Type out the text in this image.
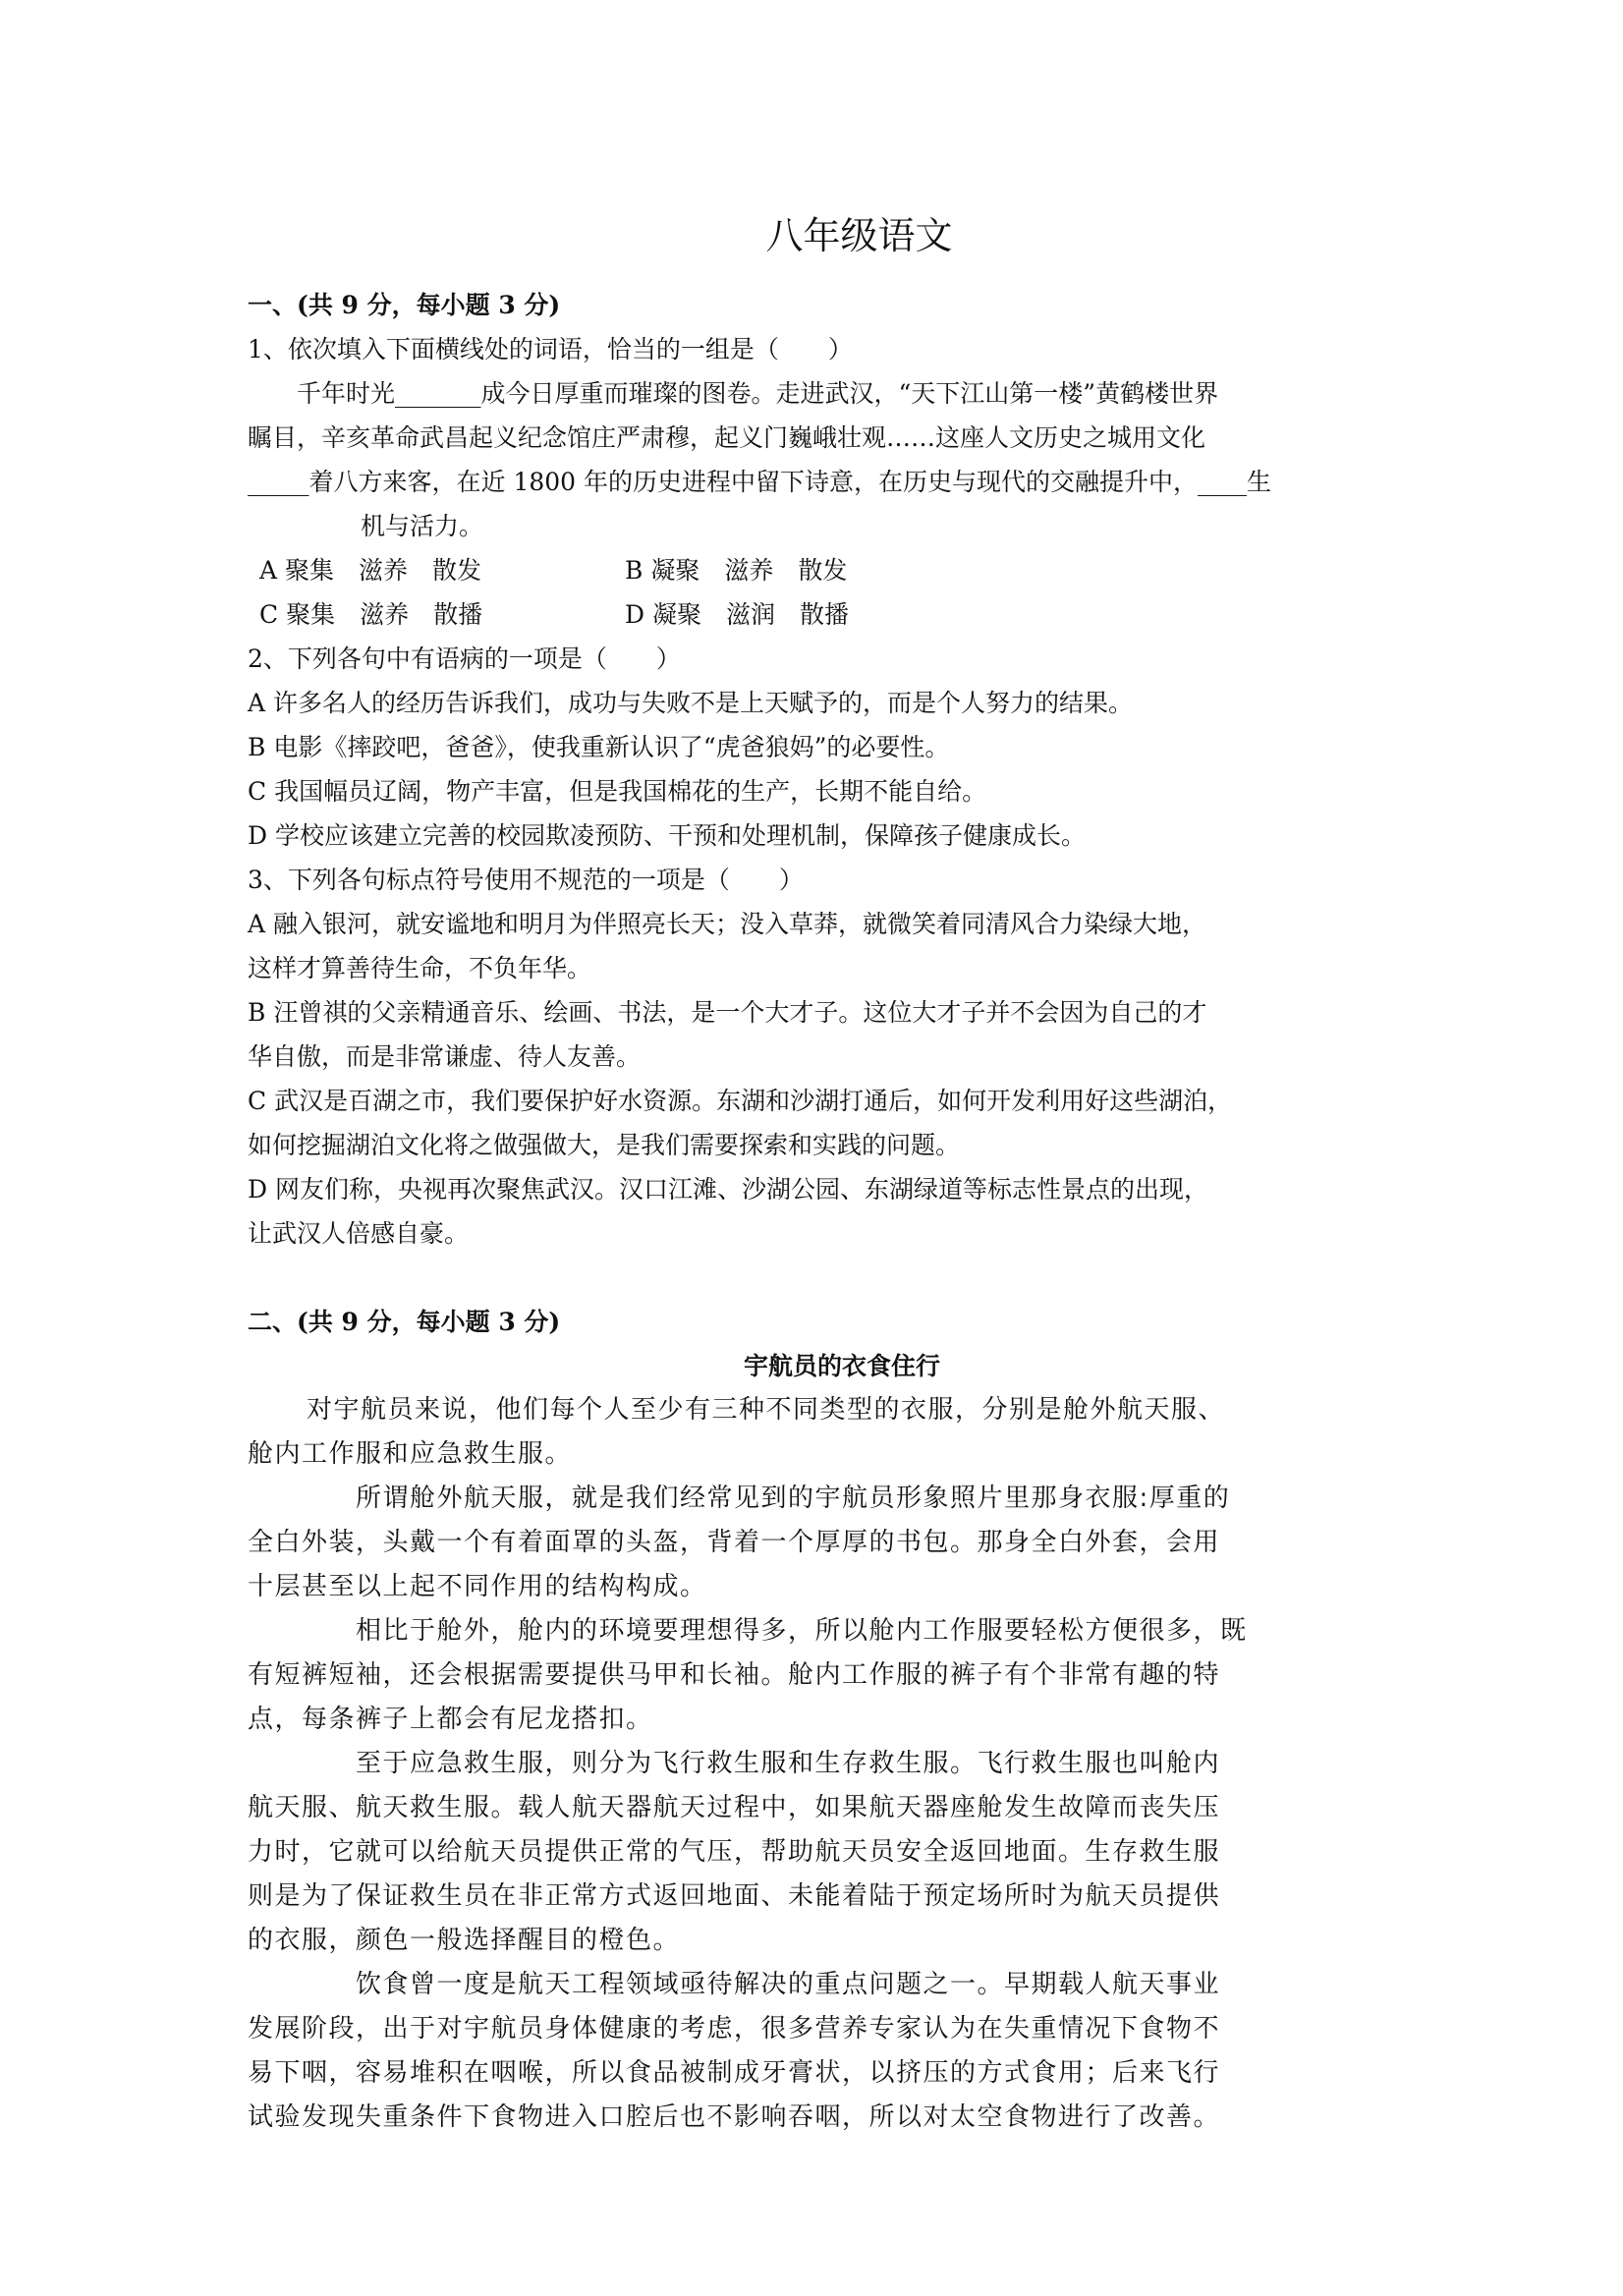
八年级语文

一、(共 9 分，每小题 3 分)

1、依次填入下面横线处的词语，恰当的一组是（　　）

千年时光_______成今日厚重而璀璨的图卷。走进武汉，“天下江山第一楼”黄鹤楼世界

瞩目，辛亥革命武昌起义纪念馆庄严肃穆，起义门巍峨壮观……这座人文历史之城用文化

_____着八方来客，在近 1800 年的历史进程中留下诗意，在历史与现代的交融提升中，____生

机与活力。

A 聚集　滋养　散发	B 凝聚　滋养　散发
C 聚集　滋养　散播	D 凝聚　滋润　散播

2、下列各句中有语病的一项是（　　）

A 许多名人的经历告诉我们，成功与失败不是上天赋予的，而是个人努力的结果。

B 电影《摔跤吧，爸爸》，使我重新认识了“虎爸狼妈”的必要性。

C 我国幅员辽阔，物产丰富，但是我国棉花的生产，长期不能自给。

D 学校应该建立完善的校园欺凌预防、干预和处理机制，保障孩子健康成长。

3、下列各句标点符号使用不规范的一项是（　　）

A 融入银河，就安谧地和明月为伴照亮长天；没入草莽，就微笑着同清风合力染绿大地，

这样才算善待生命，不负年华。

B 汪曾祺的父亲精通音乐、绘画、书法，是一个大才子。这位大才子并不会因为自己的才

华自傲，而是非常谦虚、待人友善。

C 武汉是百湖之市，我们要保护好水资源。东湖和沙湖打通后，如何开发利用好这些湖泊，

如何挖掘湖泊文化将之做强做大，是我们需要探索和实践的问题。

D 网友们称，央视再次聚焦武汉。汉口江滩、沙湖公园、东湖绿道等标志性景点的出现，

让武汉人倍感自豪。

二、(共 9 分，每小题 3 分)

宇航员的衣食住行

对宇航员来说，他们每个人至少有三种不同类型的衣服，分别是舱外航天服、

舱内工作服和应急救生服。

所谓舱外航天服，就是我们经常见到的宇航员形象照片里那身衣服:厚重的

全白外装，头戴一个有着面罩的头盔，背着一个厚厚的书包。那身全白外套，会用

十层甚至以上起不同作用的结构构成。

相比于舱外，舱内的环境要理想得多，所以舱内工作服要轻松方便很多，既

有短裤短袖，还会根据需要提供马甲和长袖。舱内工作服的裤子有个非常有趣的特

点，每条裤子上都会有尼龙搭扣。

至于应急救生服，则分为飞行救生服和生存救生服。飞行救生服也叫舱内

航天服、航天救生服。载人航天器航天过程中，如果航天器座舱发生故障而丧失压

力时，它就可以给航天员提供正常的气压，帮助航天员安全返回地面。生存救生服

则是为了保证救生员在非正常方式返回地面、未能着陆于预定场所时为航天员提供

的衣服，颜色一般选择醒目的橙色。

饮食曾一度是航天工程领域亟待解决的重点问题之一。早期载人航天事业

发展阶段，出于对宇航员身体健康的考虑，很多营养专家认为在失重情况下食物不

易下咽，容易堆积在咽喉，所以食品被制成牙膏状，以挤压的方式食用；后来飞行

试验发现失重条件下食物进入口腔后也不影响吞咽，所以对太空食物进行了改善。
